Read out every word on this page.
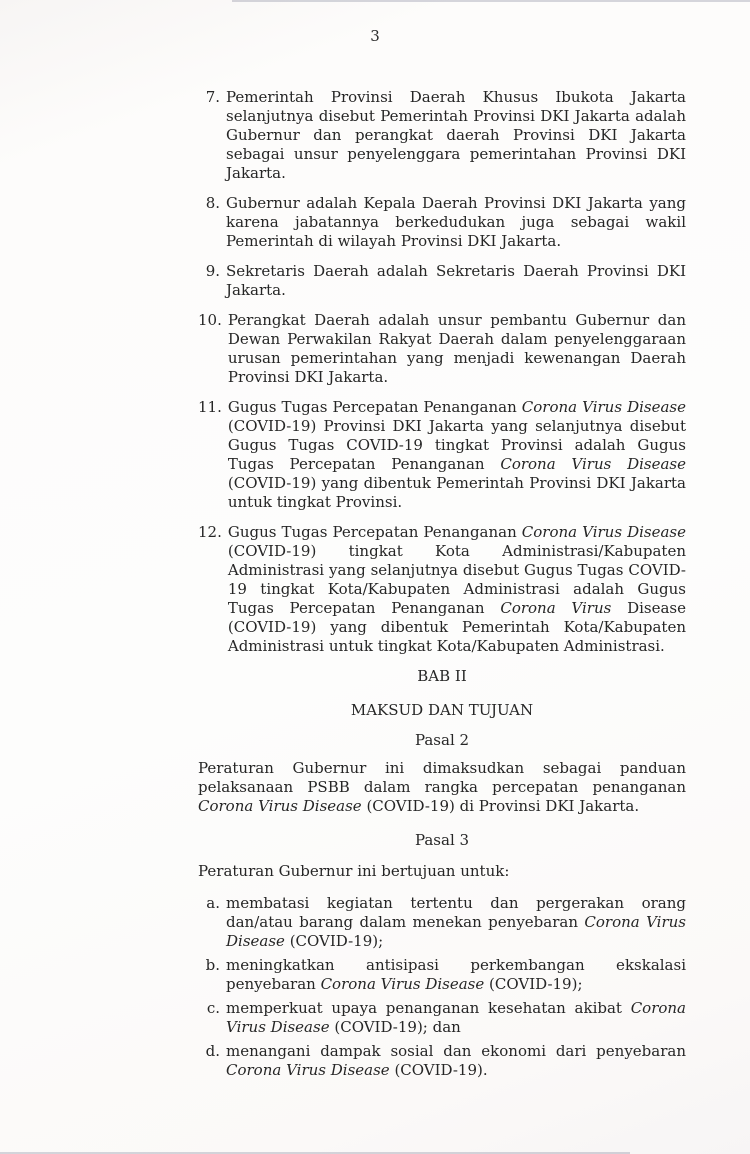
3
7. Pemerintah Provinsi Daerah Khusus Ibukota Jakarta selanjutnya disebut Pemerintah Provinsi DKI Jakarta adalah Gubernur dan perangkat daerah Provinsi DKI Jakarta sebagai unsur penyelenggara pemerintahan Provinsi DKI Jakarta.
8. Gubernur adalah Kepala Daerah Provinsi DKI Jakarta yang karena jabatannya berkedudukan juga sebagai wakil Pemerintah di wilayah Provinsi DKI Jakarta.
9. Sekretaris Daerah adalah Sekretaris Daerah Provinsi DKI Jakarta.
10. Perangkat Daerah adalah unsur pembantu Gubernur dan Dewan Perwakilan Rakyat Daerah dalam penyelenggaraan urusan pemerintahan yang menjadi kewenangan Daerah Provinsi DKI Jakarta.
11. Gugus Tugas Percepatan Penanganan Corona Virus Disease (COVID-19) Provinsi DKI Jakarta yang selanjutnya disebut Gugus Tugas COVID-19 tingkat Provinsi adalah Gugus Tugas Percepatan Penanganan Corona Virus Disease (COVID-19) yang dibentuk Pemerintah Provinsi DKI Jakarta untuk tingkat Provinsi.
12. Gugus Tugas Percepatan Penanganan Corona Virus Disease (COVID-19) tingkat Kota Administrasi/Kabupaten Administrasi yang selanjutnya disebut Gugus Tugas COVID-19 tingkat Kota/Kabupaten Administrasi adalah Gugus Tugas Percepatan Penanganan Corona Virus Disease (COVID-19) yang dibentuk Pemerintah Kota/Kabupaten Administrasi untuk tingkat Kota/Kabupaten Administrasi.

BAB II

MAKSUD DAN TUJUAN

Pasal 2

Peraturan Gubernur ini dimaksudkan sebagai panduan pelaksanaan PSBB dalam rangka percepatan penanganan Corona Virus Disease (COVID-19) di Provinsi DKI Jakarta.

Pasal 3

Peraturan Gubernur ini bertujuan untuk:

a. membatasi kegiatan tertentu dan pergerakan orang dan/atau barang dalam menekan penyebaran Corona Virus Disease (COVID-19);
b. meningkatkan antisipasi perkembangan ekskalasi penyebaran Corona Virus Disease (COVID-19);
c. memperkuat upaya penanganan kesehatan akibat Corona Virus Disease (COVID-19); dan
d. menangani dampak sosial dan ekonomi dari penyebaran Corona Virus Disease (COVID-19).
